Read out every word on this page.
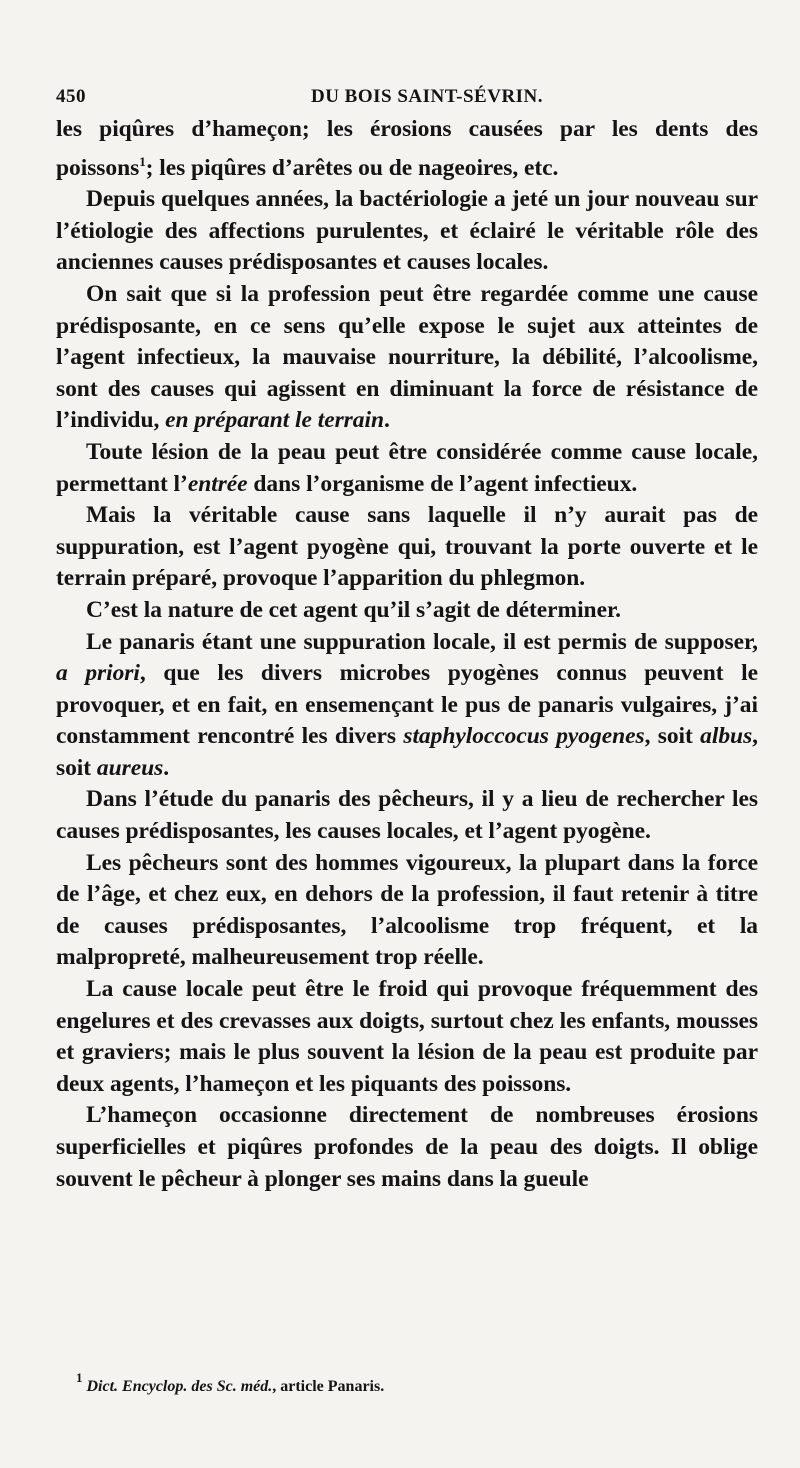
450	DU BOIS SAINT-SÉVRIN.

les piqûres d’hameçon; les érosions causées par les dents des poissons$^1$; les piqûres d’arêtes ou de nageoires, etc.

Depuis quelques années, la bactériologie a jeté un jour nouveau sur l’étiologie des affections purulentes, et éclairé le véritable rôle des anciennes causes prédisposantes et causes locales.

On sait que si la profession peut être regardée comme une cause prédisposante, en ce sens qu’elle expose le sujet aux atteintes de l’agent infectieux, la mauvaise nourriture, la débilité, l’alcoolisme, sont des causes qui agissent en diminuant la force de résistance de l’individu, en préparant le terrain.

Toute lésion de la peau peut être considérée comme cause locale, permettant l’entrée dans l’organisme de l’agent infectieux.

Mais la véritable cause sans laquelle il n’y aurait pas de suppuration, est l’agent pyogène qui, trouvant la porte ouverte et le terrain préparé, provoque l’apparition du phlegmon.

C’est la nature de cet agent qu’il s’agit de déterminer.

Le panaris étant une suppuration locale, il est permis de supposer, a priori, que les divers microbes pyogènes connus peuvent le provoquer, et en fait, en ensemençant le pus de panaris vulgaires, j’ai constamment rencontré les divers staphyloccocus pyogenes, soit albus, soit aureus.

Dans l’étude du panaris des pêcheurs, il y a lieu de rechercher les causes prédisposantes, les causes locales, et l’agent pyogène.

Les pêcheurs sont des hommes vigoureux, la plupart dans la force de l’âge, et chez eux, en dehors de la profession, il faut retenir à titre de causes prédisposantes, l’alcoolisme trop fréquent, et la malpropreté, malheureusement trop réelle.

La cause locale peut être le froid qui provoque fréquemment des engelures et des crevasses aux doigts, surtout chez les enfants, mousses et graviers; mais le plus souvent la lésion de la peau est produite par deux agents, l’hameçon et les piquants des poissons.

L’hameçon occasionne directement de nombreuses érosions superficielles et piqûres profondes de la peau des doigts. Il oblige souvent le pêcheur à plonger ses mains dans la gueule

$^1$ Dict. Encyclop. des Sc. méd., article Panaris.
